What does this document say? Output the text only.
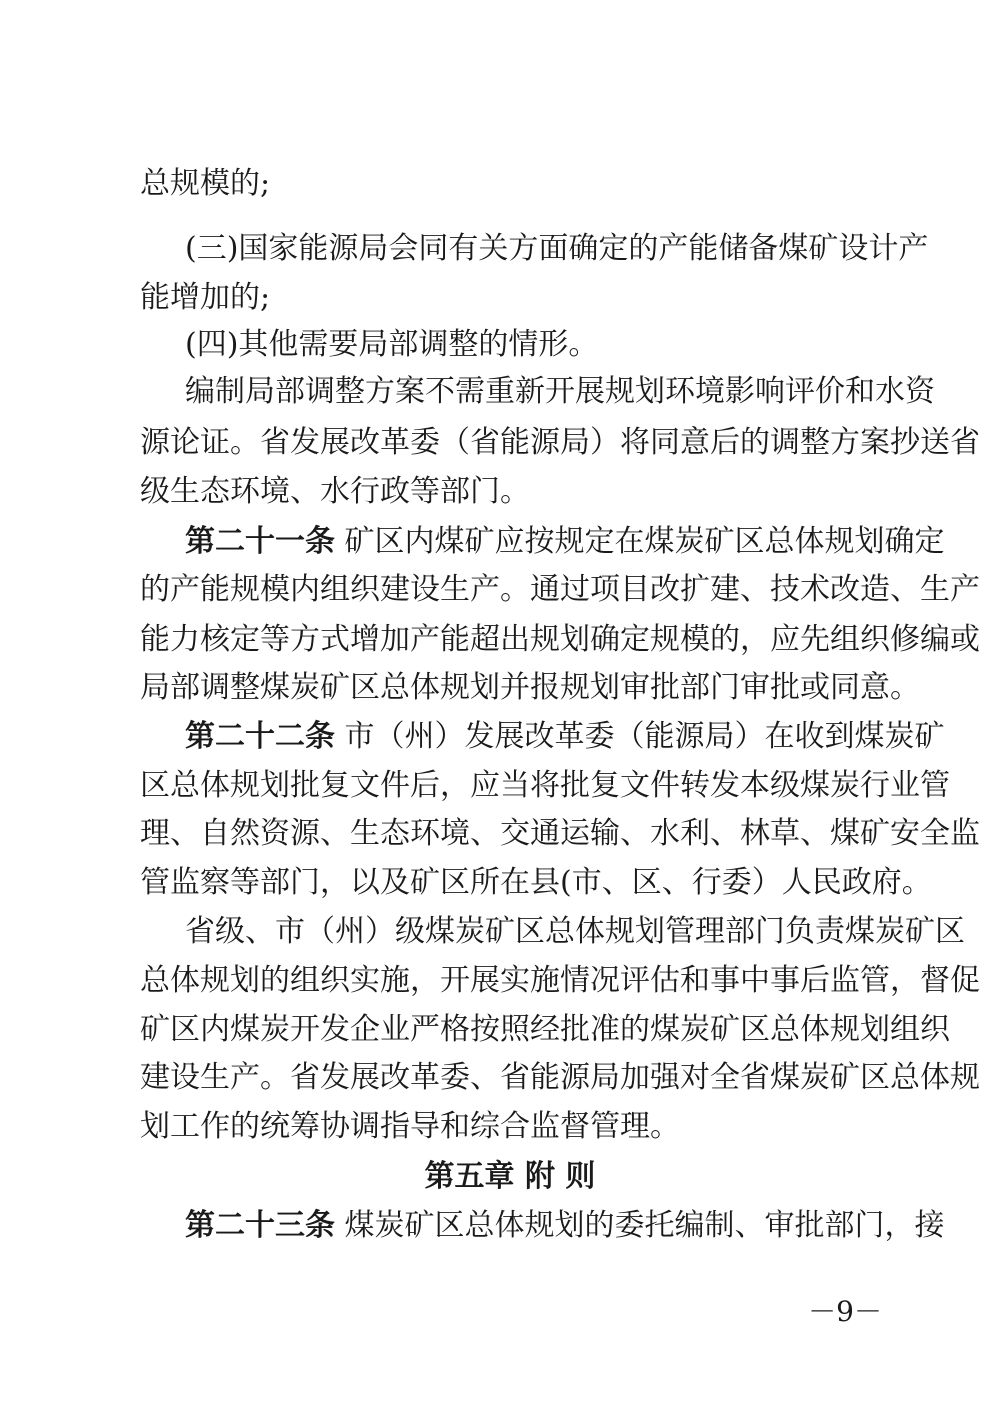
总规模的;
(三)国家能源局会同有关方面确定的产能储备煤矿设计产
能增加的;
(四)其他需要局部调整的情形。
编制局部调整方案不需重新开展规划环境影响评价和水资
源论证。省发展改革委（省能源局）将同意后的调整方案抄送省
级生态环境、水行政等部门。
第二十一条 矿区内煤矿应按规定在煤炭矿区总体规划确定
的产能规模内组织建设生产。通过项目改扩建、技术改造、生产
能力核定等方式增加产能超出规划确定规模的，应先组织修编或
局部调整煤炭矿区总体规划并报规划审批部门审批或同意。
第二十二条 市（州）发展改革委（能源局）在收到煤炭矿
区总体规划批复文件后，应当将批复文件转发本级煤炭行业管
理、自然资源、生态环境、交通运输、水利、林草、煤矿安全监
管监察等部门，以及矿区所在县(市、区、行委）人民政府。
省级、市（州）级煤炭矿区总体规划管理部门负责煤炭矿区
总体规划的组织实施，开展实施情况评估和事中事后监管，督促
矿区内煤炭开发企业严格按照经批准的煤炭矿区总体规划组织
建设生产。省发展改革委、省能源局加强对全省煤炭矿区总体规
划工作的统筹协调指导和综合监督管理。
第五章 附 则
第二十三条 煤炭矿区总体规划的委托编制、审批部门，接
－9－
